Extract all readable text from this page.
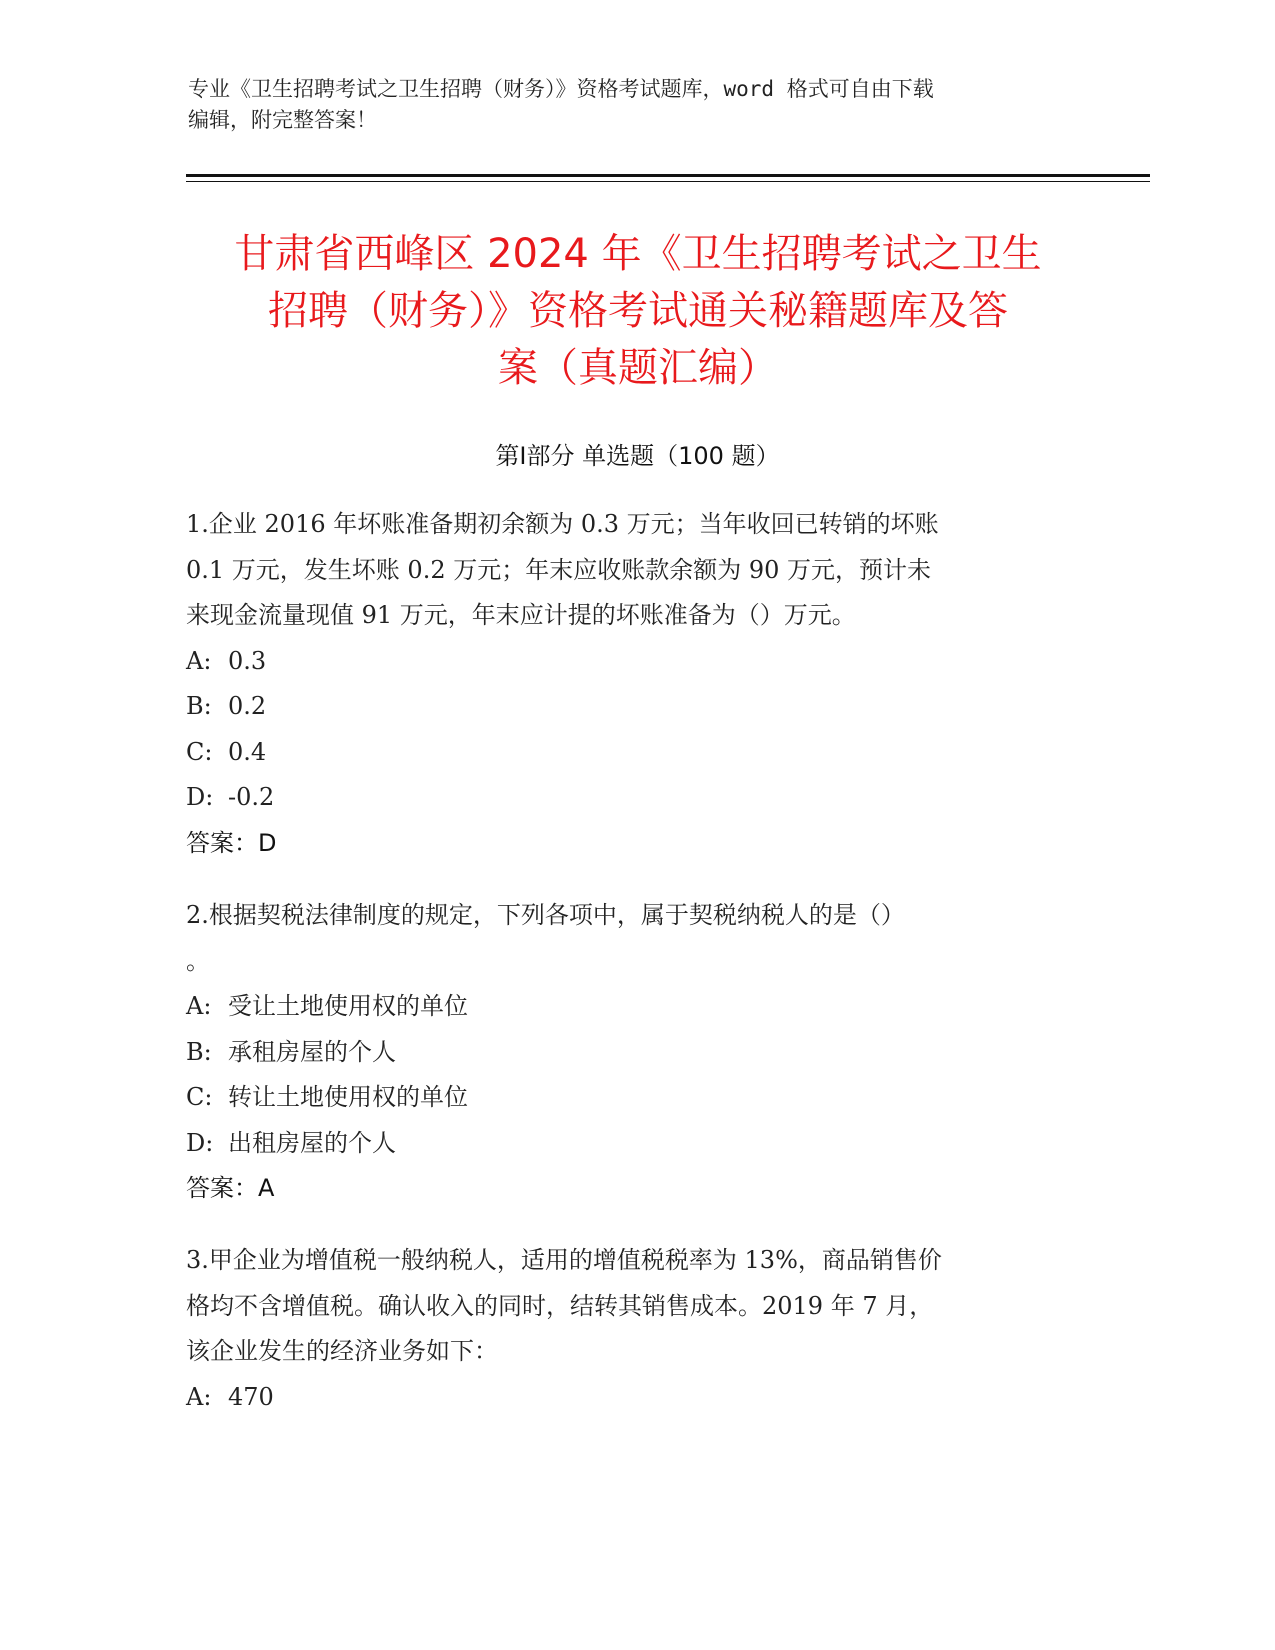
专业《卫生招聘考试之卫生招聘（财务）》资格考试题库，word 格式可自由下载
编辑，附完整答案！
甘肃省西峰区 2024 年《卫生招聘考试之卫生
招聘（财务）》资格考试通关秘籍题库及答
案（真题汇编）
第Ⅰ部分 单选题（100 题）
1.企业 2016 年坏账准备期初余额为 0.3 万元；当年收回已转销的坏账
0.1 万元，发生坏账 0.2 万元；年末应收账款余额为 90 万元，预计未
来现金流量现值 91 万元，年末应计提的坏账准备为（）万元。
A: 0.3
B: 0.2
C: 0.4
D: -0.2
答案：D
2.根据契税法律制度的规定，下列各项中，属于契税纳税人的是（）
。
A: 受让土地使用权的单位
B: 承租房屋的个人
C: 转让土地使用权的单位
D: 出租房屋的个人
答案：A
3.甲企业为增值税一般纳税人，适用的增值税税率为 13%，商品销售价
格均不含增值税。确认收入的同时，结转其销售成本。2019 年 7 月，
该企业发生的经济业务如下：
A: 470
